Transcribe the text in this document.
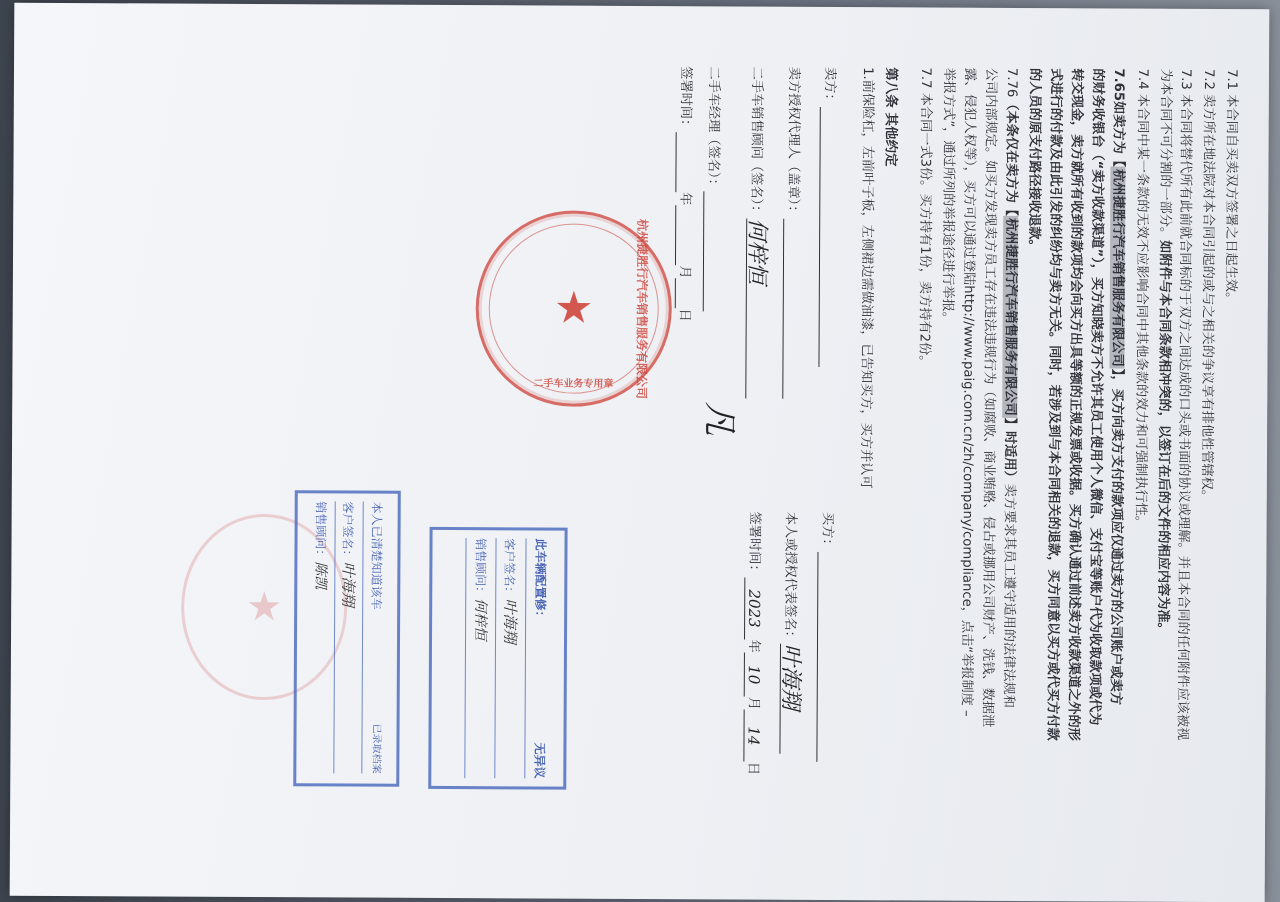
7.1 本合同自买卖双方签署之日起生效。
7.2 卖方所在地法院对本合同引起的或与之相关的争议享有排他性管辖权。
7.3 本合同将替代所有此前就合同标的于双方之间达成的口头或书面的协议或理解。并且本合同的任何附件应该被视
为本合同不可分割的一部分。如附件与本合同条款相冲突的，以签订在后的文件的相应内容为准。
7.4 本合同中某一条款的无效不应影响合同中其他条款的效力和可强制执行性。
7.65如卖方为【杭州捷胜行汽车销售服务有限公司】，买方向卖方支付的款项应仅通过卖方的公司账户或卖方
的财务收银台（“卖方收款渠道”），买方知晓卖方不允许其员工使用个人微信、支付宝等账户代为收取款项或代为
转交现金，卖方就所有收到的款项均会向买方出具等额的正规发票或收据。买方确认通过前述卖方收款渠道之外的形
式进行的付款及由此引发的纠纷均与卖方无关。同时，若涉及到与本合同相关的退款，买方同意以买方或代买方付款
的人员的原支付路径接收退款。
7.76（本条仅在卖方为【杭州捷胜行汽车销售服务有限公司】时适用）卖方要求其员工遵守适用的法律法规和
公司内部规定。如买方发现卖方员工存在违法违规行为（如腐败、商业贿赂、侵占或挪用公司财产、洗钱、数据泄
露、侵犯人权等），买方可以通过登陆http://www.paig.com.cn/zh/company/compliance，点击“举报制度 –
举报方式”，通过所列的举报途径进行举报。
7.7 本合同一式3份。买方持有1份，卖方持有2份。
第八条 其他约定
1.前保险杠，左前叶子板，左侧裙边需做油漆，已告知买方，买方并认可
卖方：
卖方授权代理人（盖章）：
二手车销售顾问（签名）：何梓恒
二手车经理（签名）：凡
签署时间：年月日
买方：
本人或授权代表签名：叶海翔
签署时间：2023年10月14日
★	杭州捷胜行汽车销售服务有限公司
二手车业务专用章
★	此车辆配置修：
无异议
客户签名：叶海翔
销售顾问：何梓恒
本人已清楚知道该车
已录取档案
客户签名：叶海翔
销售顾问：陈凯
